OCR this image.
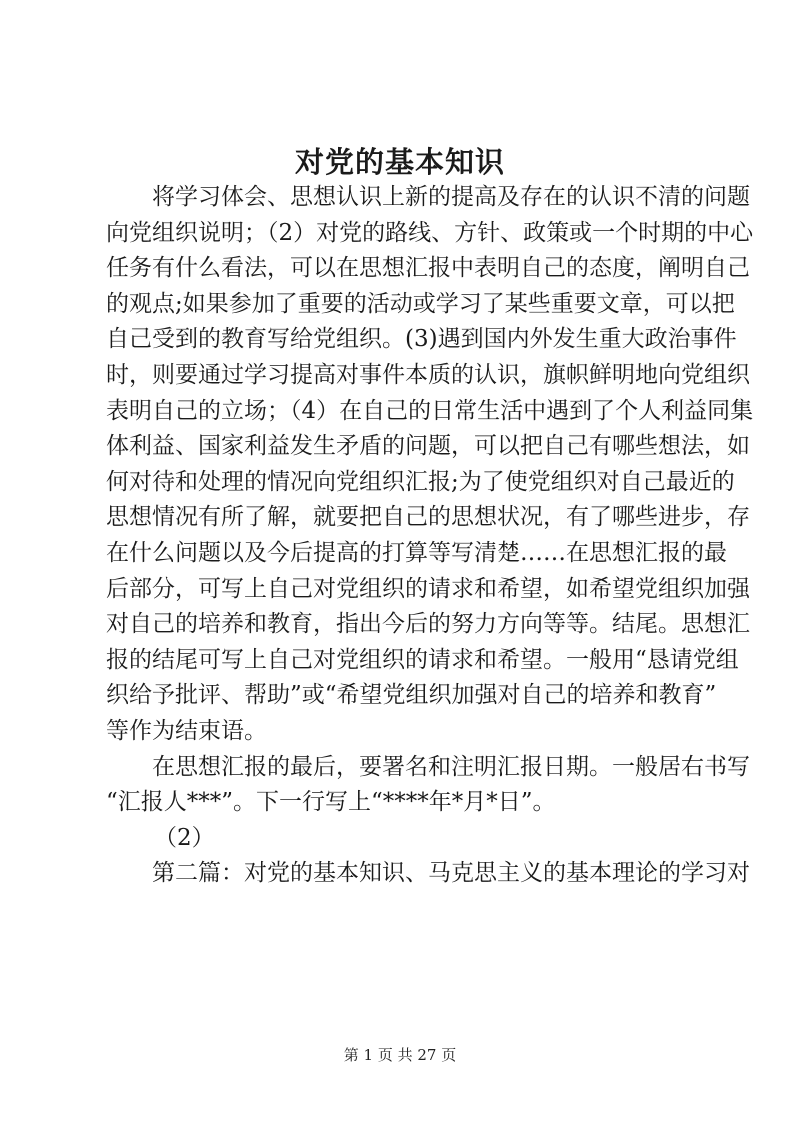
对党的基本知识
将学习体会、思想认识上新的提高及存在的认识不清的问题
向党组织说明；（2）对党的路线、方针、政策或一个时期的中心
任务有什么看法，可以在思想汇报中表明自己的态度，阐明自己
的观点;如果参加了重要的活动或学习了某些重要文章，可以把
自己受到的教育写给党组织。(3)遇到国内外发生重大政治事件
时，则要通过学习提高对事件本质的认识，旗帜鲜明地向党组织
表明自己的立场；（4）在自己的日常生活中遇到了个人利益同集
体利益、国家利益发生矛盾的问题，可以把自己有哪些想法，如
何对待和处理的情况向党组织汇报;为了使党组织对自己最近的
思想情况有所了解，就要把自己的思想状况，有了哪些进步，存
在什么问题以及今后提高的打算等写清楚……在思想汇报的最
后部分，可写上自己对党组织的请求和希望，如希望党组织加强
对自己的培养和教育，指出今后的努力方向等等。结尾。思想汇
报的结尾可写上自己对党组织的请求和希望。一般用“恳请党组
织给予批评、帮助”或“希望党组织加强对自己的培养和教育”
等作为结束语。
在思想汇报的最后，要署名和注明汇报日期。一般居右书写
“汇报人***”。下一行写上“****年*月*日”。
（2）
第二篇：对党的基本知识、马克思主义的基本理论的学习对
第 1 页 共 27 页
